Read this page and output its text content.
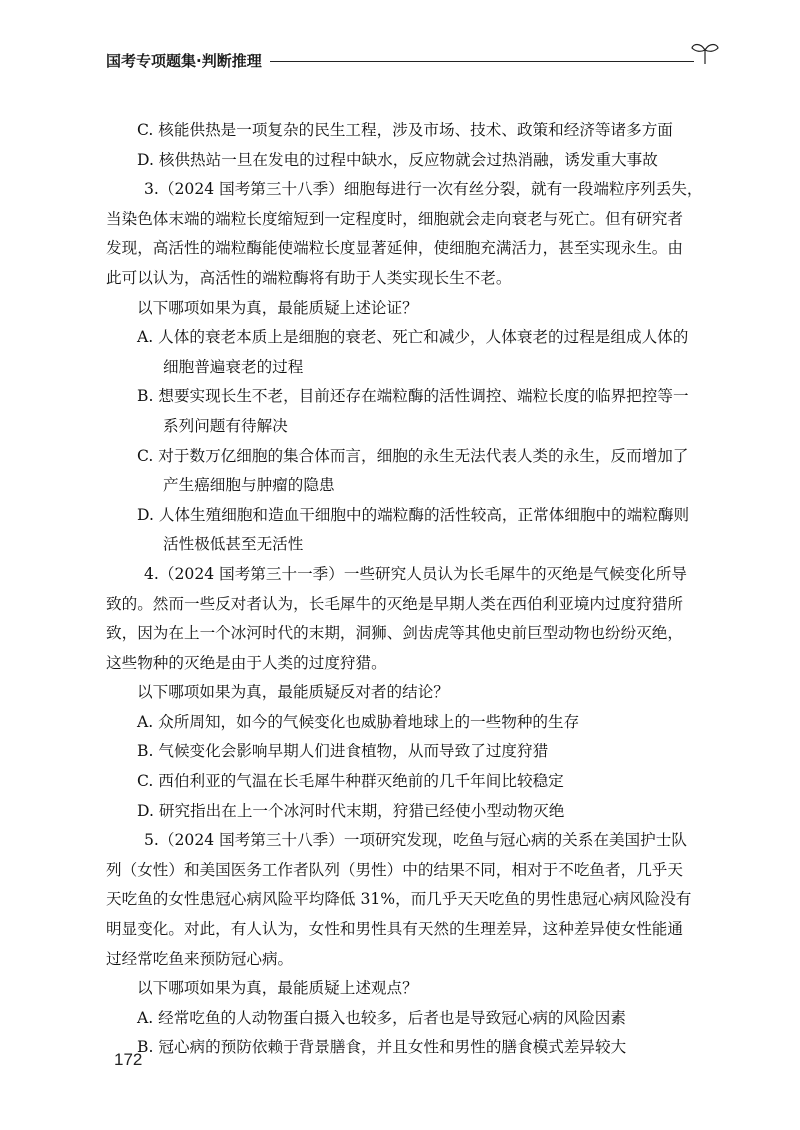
国考专项题集·判断推理
C. 核能供热是一项复杂的民生工程，涉及市场、技术、政策和经济等诸多方面
D. 核供热站一旦在发电的过程中缺水，反应物就会过热消融，诱发重大事故
3.（2024 国考第三十八季）细胞每进行一次有丝分裂，就有一段端粒序列丢失，
当染色体末端的端粒长度缩短到一定程度时，细胞就会走向衰老与死亡。但有研究者
发现，高活性的端粒酶能使端粒长度显著延伸，使细胞充满活力，甚至实现永生。由
此可以认为，高活性的端粒酶将有助于人类实现长生不老。
以下哪项如果为真，最能质疑上述论证？
A. 人体的衰老本质上是细胞的衰老、死亡和减少，人体衰老的过程是组成人体的
细胞普遍衰老的过程
B. 想要实现长生不老，目前还存在端粒酶的活性调控、端粒长度的临界把控等一
系列问题有待解决
C. 对于数万亿细胞的集合体而言，细胞的永生无法代表人类的永生，反而增加了
产生癌细胞与肿瘤的隐患
D. 人体生殖细胞和造血干细胞中的端粒酶的活性较高，正常体细胞中的端粒酶则
活性极低甚至无活性
4.（2024 国考第三十一季）一些研究人员认为长毛犀牛的灭绝是气候变化所导
致的。然而一些反对者认为，长毛犀牛的灭绝是早期人类在西伯利亚境内过度狩猎所
致，因为在上一个冰河时代的末期，洞狮、剑齿虎等其他史前巨型动物也纷纷灭绝，
这些物种的灭绝是由于人类的过度狩猎。
以下哪项如果为真，最能质疑反对者的结论？
A. 众所周知，如今的气候变化也威胁着地球上的一些物种的生存
B. 气候变化会影响早期人们进食植物，从而导致了过度狩猎
C. 西伯利亚的气温在长毛犀牛种群灭绝前的几千年间比较稳定
D. 研究指出在上一个冰河时代末期，狩猎已经使小型动物灭绝
5.（2024 国考第三十八季）一项研究发现，吃鱼与冠心病的关系在美国护士队
列（女性）和美国医务工作者队列（男性）中的结果不同，相对于不吃鱼者，几乎天
天吃鱼的女性患冠心病风险平均降低 31%，而几乎天天吃鱼的男性患冠心病风险没有
明显变化。对此，有人认为，女性和男性具有天然的生理差异，这种差异使女性能通
过经常吃鱼来预防冠心病。
以下哪项如果为真，最能质疑上述观点？
A. 经常吃鱼的人动物蛋白摄入也较多，后者也是导致冠心病的风险因素
B. 冠心病的预防依赖于背景膳食，并且女性和男性的膳食模式差异较大
172
